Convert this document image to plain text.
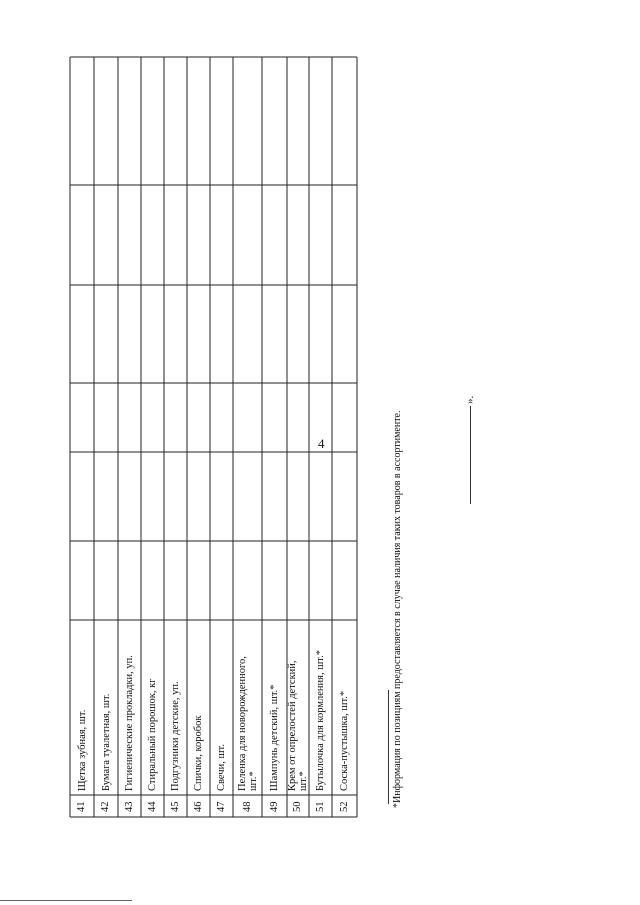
4
41
Щетка зубная, шт.
42
Бумага туалетная, шт.
43
Гигиенические прокладки, уп.
44
Стиральный порошок, кг
45
Подгузники детские, уп.
46
Спички, коробок
47
Свечи, шт.
48
Пеленка для новорожденного, шт.*
49
Шампунь детский, шт.*
50
Крем от опрелостей детский, шт.*
51
Бутылочка для кормления, шт.*
52
Соска-пустышка, шт.*	*Информация по позициям предоставляется в случае наличия таких товаров в ассортименте.
».
